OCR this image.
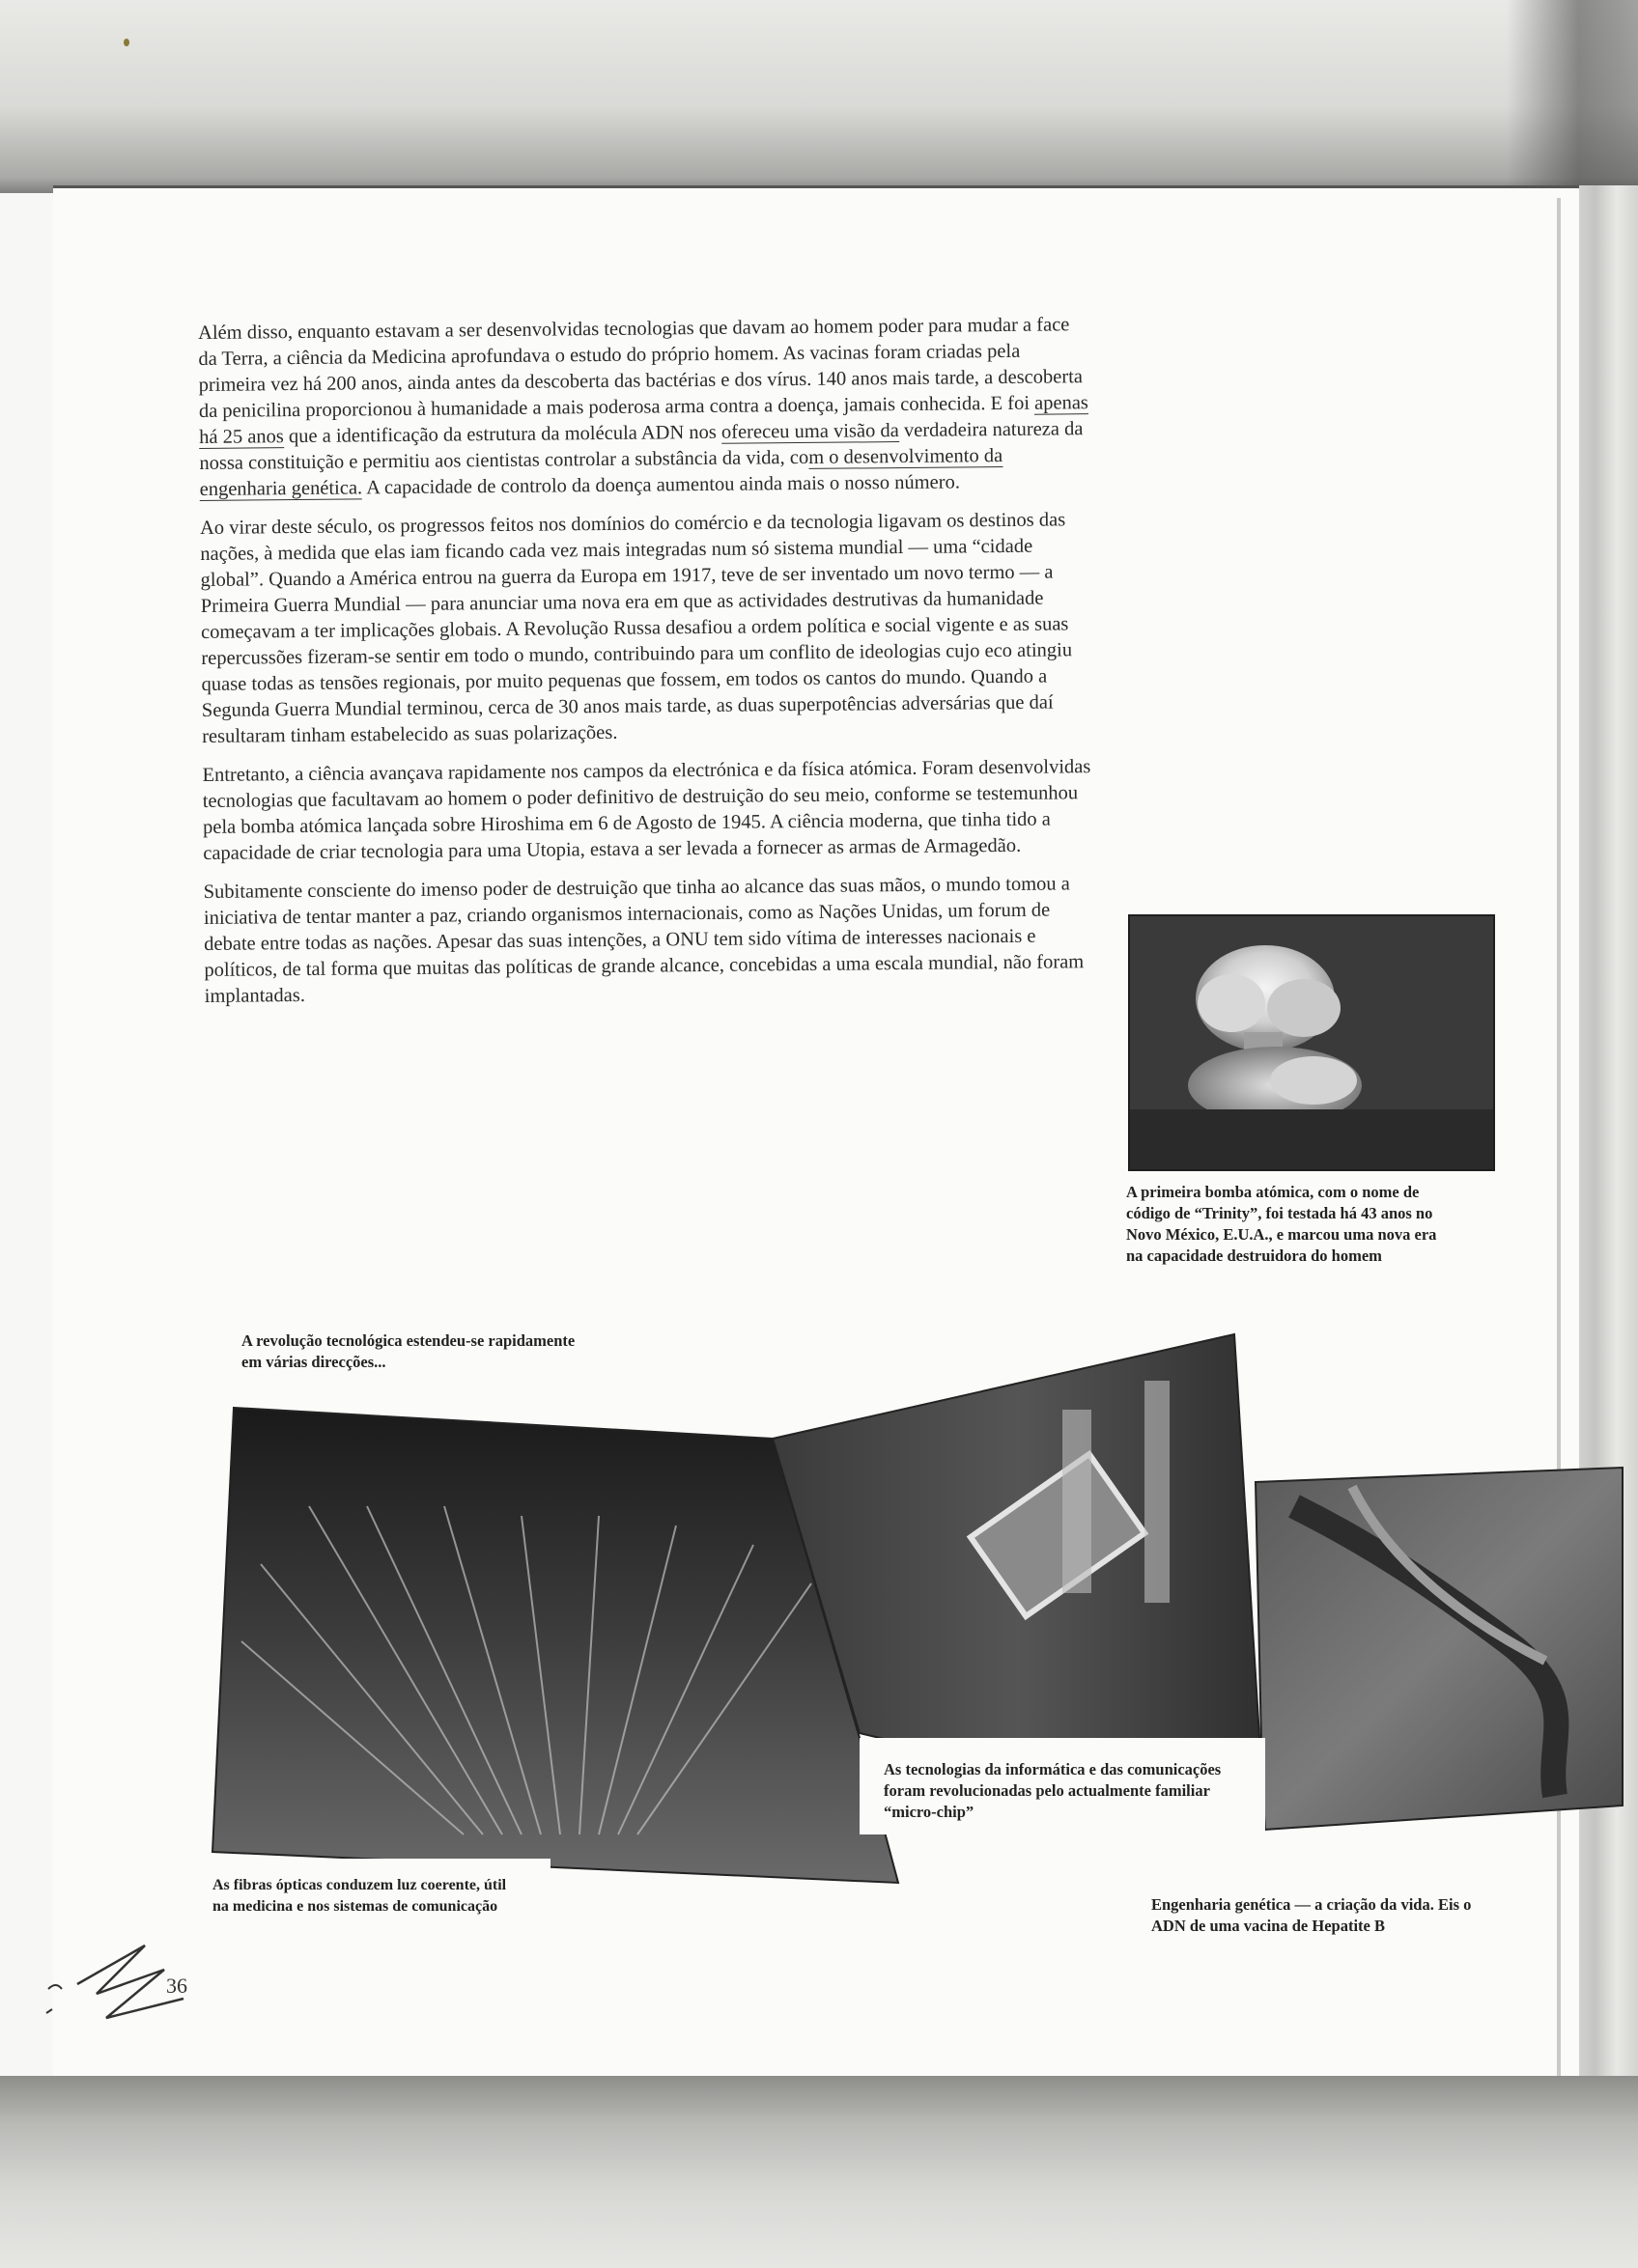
Além disso, enquanto estavam a ser desenvolvidas tecnologias que davam ao homem poder para mudar a face da Terra, a ciência da Medicina aprofundava o estudo do próprio homem. As vacinas foram criadas pela primeira vez há 200 anos, ainda antes da descoberta das bactérias e dos vírus. 140 anos mais tarde, a descoberta da penicilina proporcionou à humanidade a mais poderosa arma contra a doença, jamais conhecida. E foi apenas há 25 anos que a identificação da estrutura da molécula ADN nos ofereceu uma visão da verdadeira natureza da nossa constituição e permitiu aos cientistas controlar a substância da vida, com o desenvolvimento da engenharia genética. A capacidade de controlo da doença aumentou ainda mais o nosso número.

Ao virar deste século, os progressos feitos nos domínios do comércio e da tecnologia ligavam os destinos das nações, à medida que elas iam ficando cada vez mais integradas num só sistema mundial — uma “cidade global”. Quando a América entrou na guerra da Europa em 1917, teve de ser inventado um novo termo — a Primeira Guerra Mundial — para anunciar uma nova era em que as actividades destrutivas da humanidade começavam a ter implicações globais. A Revolução Russa desafiou a ordem política e social vigente e as suas repercussões fizeram-se sentir em todo o mundo, contribuindo para um conflito de ideologias cujo eco atingiu quase todas as tensões regionais, por muito pequenas que fossem, em todos os cantos do mundo. Quando a Segunda Guerra Mundial terminou, cerca de 30 anos mais tarde, as duas superpotências adversárias que daí resultaram tinham estabelecido as suas polarizações.

Entretanto, a ciência avançava rapidamente nos campos da electrónica e da física atómica. Foram desenvolvidas tecnologias que facultavam ao homem o poder definitivo de destruição do seu meio, conforme se testemunhou pela bomba atómica lançada sobre Hiroshima em 6 de Agosto de 1945. A ciência moderna, que tinha tido a capacidade de criar tecnologia para uma Utopia, estava a ser levada a fornecer as armas de Armagedão.

Subitamente consciente do imenso poder de destruição que tinha ao alcance das suas mãos, o mundo tomou a iniciativa de tentar manter a paz, criando organismos internacionais, como as Nações Unidas, um forum de debate entre todas as nações. Apesar das suas intenções, a ONU tem sido vítima de interesses nacionais e políticos, de tal forma que muitas das políticas de grande alcance, concebidas a uma escala mundial, não foram implantadas.

A primeira bomba atómica, com o nome de código de “Trinity”, foi testada há 43 anos no Novo México, E.U.A., e marcou uma nova era na capacidade destruidora do homem
A revolução tecnológica estendeu-se rapidamente em várias direcções...
As tecnologias da informática e das comunicações foram revolucionadas pelo actualmente familiar “micro-chip”
As fibras ópticas conduzem luz coerente, útil na medicina e nos sistemas de comunicação	Engenharia genética — a criação da vida. Eis o ADN de uma vacina de Hepatite B
36
